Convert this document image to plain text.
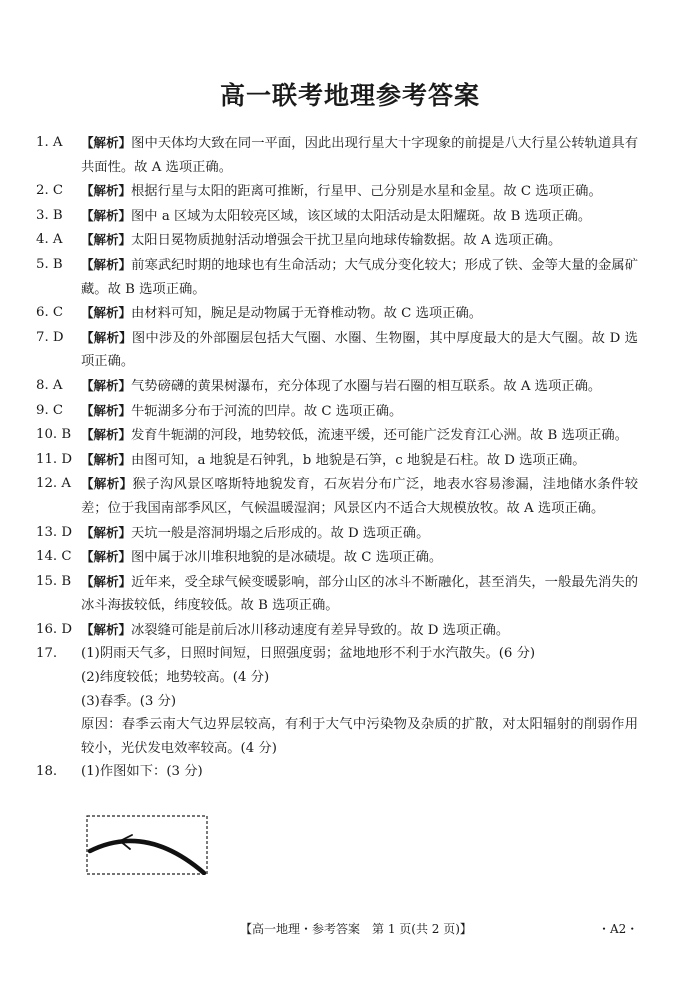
高一联考地理参考答案
1. A 【解析】图中天体均大致在同一平面，因此出现行星大十字现象的前提是八大行星公转轨道具有共面性。故 A 选项正确。
2. C 【解析】根据行星与太阳的距离可推断，行星甲、己分别是水星和金星。故 C 选项正确。
3. B 【解析】图中 a 区域为太阳较亮区域，该区域的太阳活动是太阳耀斑。故 B 选项正确。
4. A 【解析】太阳日冕物质抛射活动增强会干扰卫星向地球传输数据。故 A 选项正确。
5. B 【解析】前寒武纪时期的地球也有生命活动；大气成分变化较大；形成了铁、金等大量的金属矿藏。故 B 选项正确。
6. C 【解析】由材料可知，腕足是动物属于无脊椎动物。故 C 选项正确。
7. D 【解析】图中涉及的外部圈层包括大气圈、水圈、生物圈，其中厚度最大的是大气圈。故 D 选项正确。
8. A 【解析】气势磅礴的黄果树瀑布，充分体现了水圈与岩石圈的相互联系。故 A 选项正确。
9. C 【解析】牛轭湖多分布于河流的凹岸。故 C 选项正确。
10. B 【解析】发育牛轭湖的河段，地势较低，流速平缓，还可能广泛发育江心洲。故 B 选项正确。
11. D 【解析】由图可知，a 地貌是石钟乳，b 地貌是石笋，c 地貌是石柱。故 D 选项正确。
12. A 【解析】猴子沟风景区喀斯特地貌发育，石灰岩分布广泛，地表水容易渗漏，洼地储水条件较差；位于我国南部季风区，气候温暖湿润；风景区内不适合大规模放牧。故 A 选项正确。
13. D 【解析】天坑一般是溶洞坍塌之后形成的。故 D 选项正确。
14. C 【解析】图中属于冰川堆积地貌的是冰碛堤。故 C 选项正确。
15. B 【解析】近年来，受全球气候变暖影响，部分山区的冰斗不断融化，甚至消失，一般最先消失的冰斗海拔较低，纬度较低。故 B 选项正确。
16. D 【解析】冰裂缝可能是前后冰川移动速度有差异导致的。故 D 选项正确。
17. (1)阴雨天气多，日照时间短，日照强度弱；盆地地形不利于水汽散失。(6 分)
(2)纬度较低；地势较高。(4 分)
(3)春季。(3 分)
原因：春季云南大气边界层较高，有利于大气中污染物及杂质的扩散，对太阳辐射的削弱作用较小，光伏发电效率较高。(4 分)
18. (1)作图如下：(3 分)
【高一地理・参考答案　第 1 页(共 2 页)】	・A2・
